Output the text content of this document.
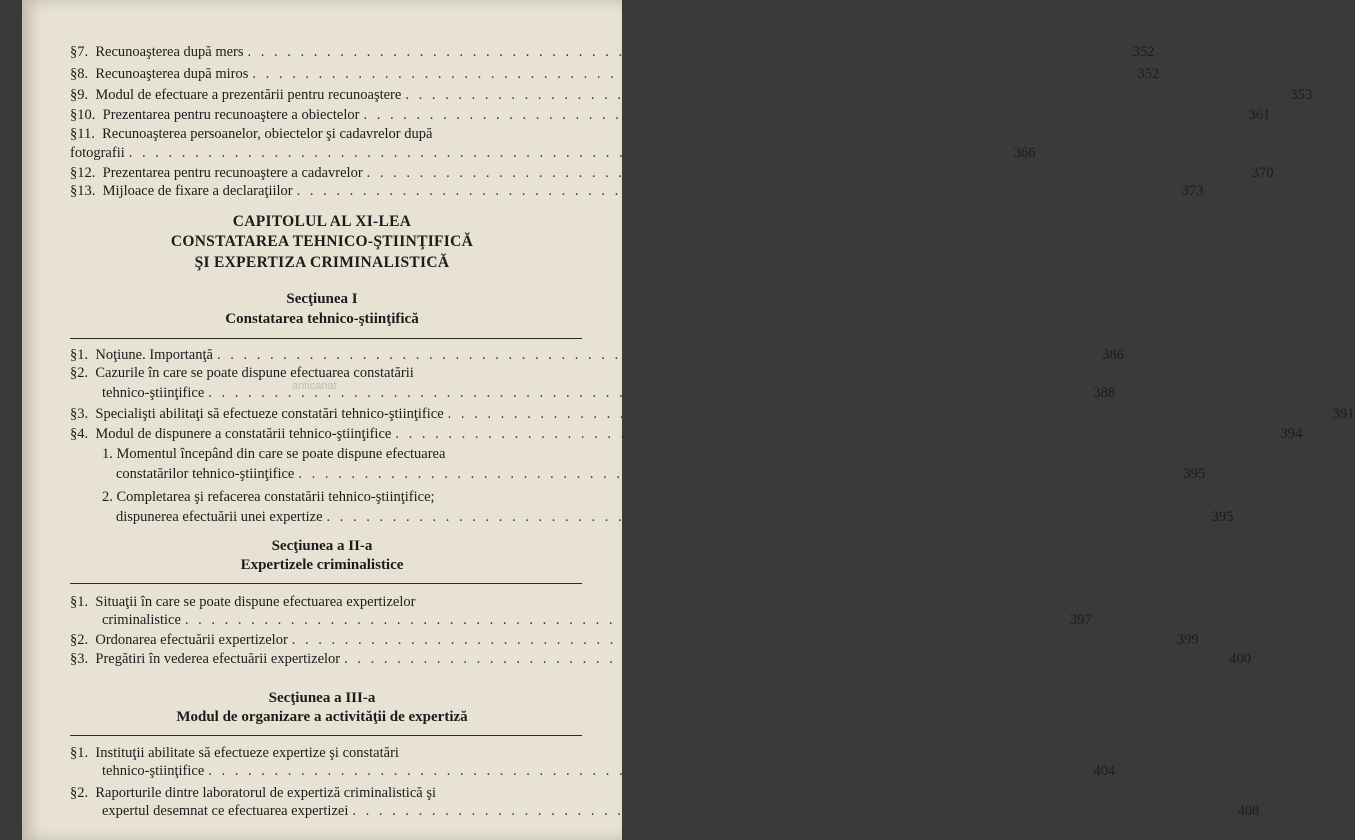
§7. Recunoaşterea după mers . . .	352
§8. Recunoaşterea după miros . . .	352
§9. Modul de efectuare a prezentării pentru recunoaştere . . .	353
§10. Prezentarea pentru recunoaştere a obiectelor . . .	361
§11. Recunoaşterea persoanelor, obiectelor şi cadavrelor după
fotografii . . .	366
§12. Prezentarea pentru recunoaştere a cadavrelor . . .	370
§13. Mijloace de fixare a declaraţiilor . . .	373
CAPITOLUL AL XI-LEA
CONSTATAREA TEHNICO-ŞTIINŢIFICĂ
ŞI EXPERTIZA CRIMINALISTICĂ
Secţiunea I
Constatarea tehnico-ştiinţifică
§1. Noţiune. Importanţă . . .	386
§2. Cazurile în care se poate dispune efectuarea constatării
tehnico-ştiinţifice . . .	388
§3. Specialişti abilitaţi să efectueze constatări tehnico-ştiinţifice . . .	391
§4. Modul de dispunere a constatării tehnico-ştiinţifice . . .	394
1. Momentul începând din care se poate dispune efectuarea
constatărilor tehnico-ştiinţifice . . .	395
2. Completarea şi refacerea constatării tehnico-ştiinţifice;
dispunerea efectuării unei expertize . . .	395
Secţiunea a II-a
Expertizele criminalistice
§1. Situaţii în care se poate dispune efectuarea expertizelor
criminalistice . . .	397
§2. Ordonarea efectuării expertizelor . . .	399
§3. Pregătiri în vederea efectuării expertizelor . . .	400
Secţiunea a III-a
Modul de organizare a activităţii de expertiză
§1. Instituţii abilitate să efectueze expertize şi constatări
tehnico-ştiinţifice . . .	404
§2. Raporturile dintre laboratorul de expertiză criminalistică şi
expertul desemnat ce efectuarea expertizei . . .	408
anticariat
